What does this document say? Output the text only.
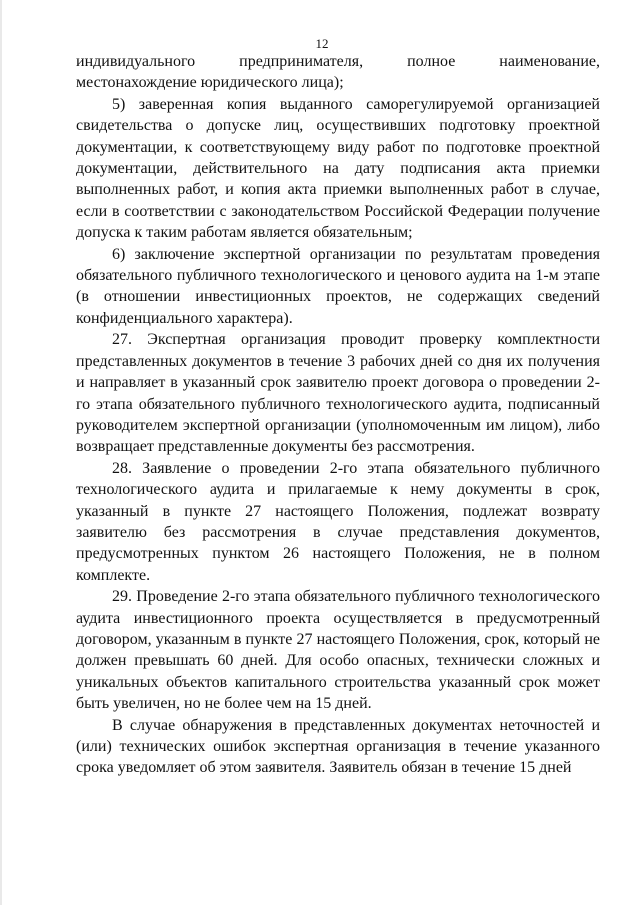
12

индивидуального предпринимателя, полное наименование, местонахождение юридического лица);

5) заверенная копия выданного саморегулируемой организацией свидетельства о допуске лиц, осуществивших подготовку проектной документации, к соответствующему виду работ по подготовке проектной документации, действительного на дату подписания акта приемки выполненных работ, и копия акта приемки выполненных работ в случае, если в соответствии с законодательством Российской Федерации получение допуска к таким работам является обязательным;

6) заключение экспертной организации по результатам проведения обязательного публичного технологического и ценового аудита на 1-м этапе (в отношении инвестиционных проектов, не содержащих сведений конфиденциального характера).

27. Экспертная организация проводит проверку комплектности представленных документов в течение 3 рабочих дней со дня их получения и направляет в указанный срок заявителю проект договора о проведении 2-го этапа обязательного публичного технологического аудита, подписанный руководителем экспертной организации (уполномоченным им лицом), либо возвращает представленные документы без рассмотрения.

28. Заявление о проведении 2-го этапа обязательного публичного технологического аудита и прилагаемые к нему документы в срок, указанный в пункте 27 настоящего Положения, подлежат возврату заявителю без рассмотрения в случае представления документов, предусмотренных пунктом 26 настоящего Положения, не в полном комплекте.

29. Проведение 2-го этапа обязательного публичного технологического аудита инвестиционного проекта осуществляется в предусмотренный договором, указанным в пункте 27 настоящего Положения, срок, который не должен превышать 60 дней. Для особо опасных, технически сложных и уникальных объектов капитального строительства указанный срок может быть увеличен, но не более чем на 15 дней.

В случае обнаружения в представленных документах неточностей и (или) технических ошибок экспертная организация в течение указанного срока уведомляет об этом заявителя. Заявитель обязан в течение 15 дней
